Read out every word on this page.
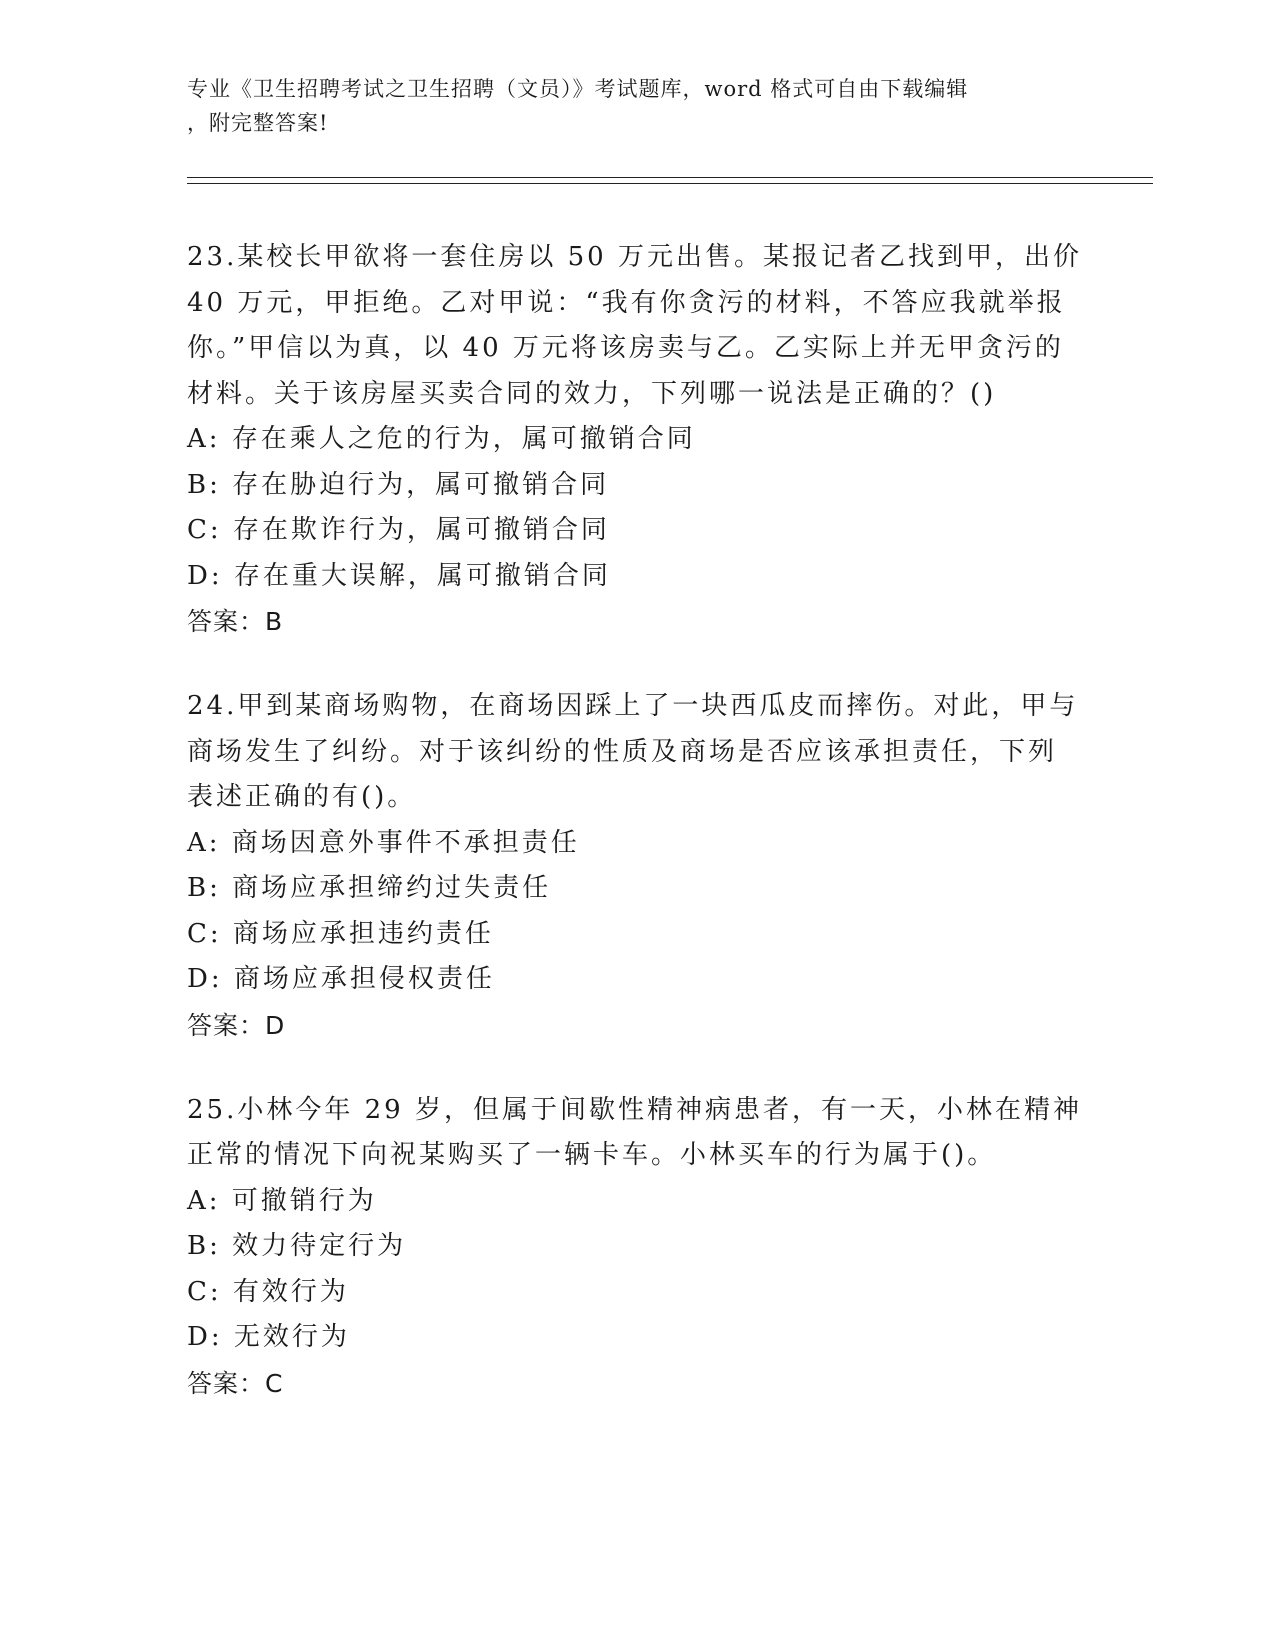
专业《卫生招聘考试之卫生招聘（文员）》考试题库，word 格式可自由下载编辑
，附完整答案!

23.某校长甲欲将一套住房以 50 万元出售。某报记者乙找到甲，出价
40 万元，甲拒绝。乙对甲说：“我有你贪污的材料，不答应我就举报
你。”甲信以为真，以 40 万元将该房卖与乙。乙实际上并无甲贪污的
材料。关于该房屋买卖合同的效力，下列哪一说法是正确的？()

A: 存在乘人之危的行为，属可撤销合同

B: 存在胁迫行为，属可撤销合同

C: 存在欺诈行为，属可撤销合同

D: 存在重大误解，属可撤销合同

答案：B

24.甲到某商场购物，在商场因踩上了一块西瓜皮而摔伤。对此，甲与
商场发生了纠纷。对于该纠纷的性质及商场是否应该承担责任，下列
表述正确的有()。

A: 商场因意外事件不承担责任

B: 商场应承担缔约过失责任

C: 商场应承担违约责任

D: 商场应承担侵权责任

答案：D

25.小林今年 29 岁，但属于间歇性精神病患者，有一天，小林在精神
正常的情况下向祝某购买了一辆卡车。小林买车的行为属于()。

A: 可撤销行为

B: 效力待定行为

C: 有效行为

D: 无效行为

答案：C
